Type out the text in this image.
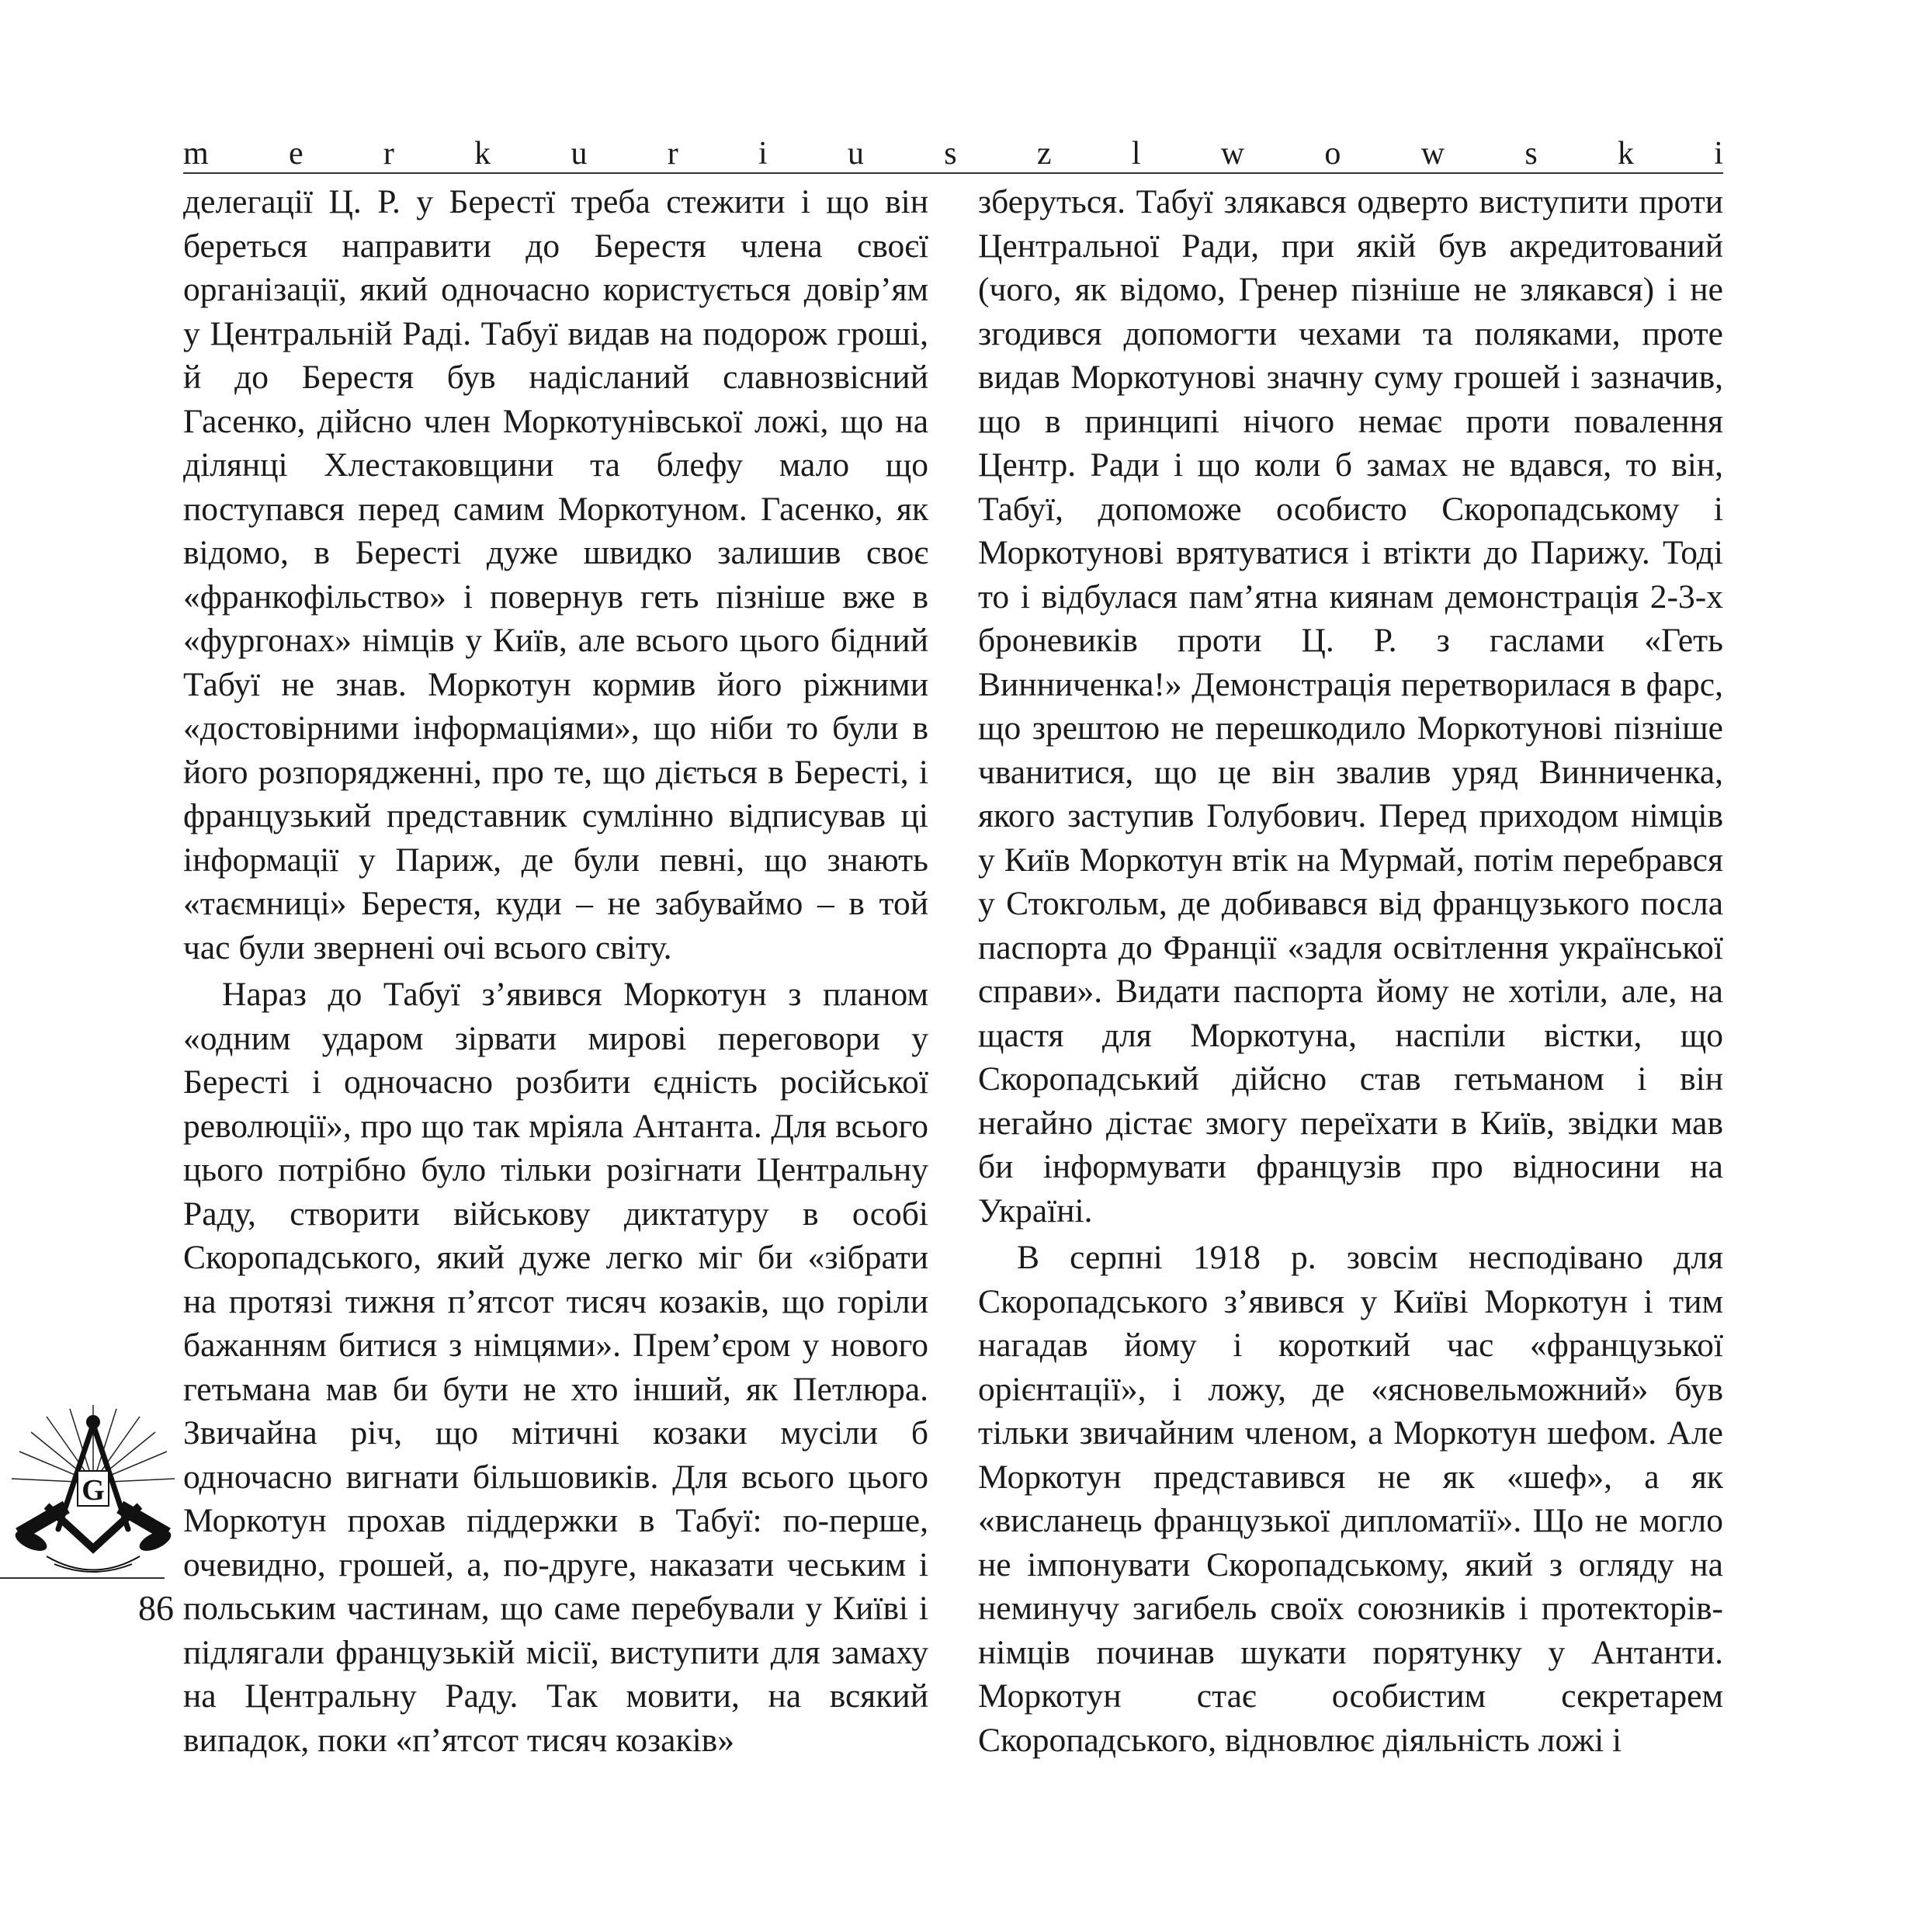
m e r k u r i u s z l w o w s k i

делегації Ц. Р. у Берестї треба стежити і що він береться направити до Берестя члена своєї організації, який одночасно користується довір’ям у Центральній Раді. Табуї видав на подорож гроші, й до Берестя був надісланий славнозвісний Гасенко, дійсно член Моркотунівської ложі, що на ділянці Хлестаковщини та блефу мало що поступався перед самим Моркотуном. Гасенко, як відомо, в Бересті дуже швидко залишив своє «франкофільство» і повернув геть пізніше вже в «фургонах» німців у Київ, але всього цього бідний Табуї не знав. Моркотун кормив його ріжними «достовірними інформаціями», що ніби то були в його розпорядженні, про те, що діється в Бересті, і французький представник сумлінно відписував ці інформації у Париж, де були певні, що знають «таємниці» Берестя, куди – не забуваймо – в той час були звернені очі всього світу.

Нараз до Табуї з’явився Моркотун з планом «одним ударом зірвати мирові переговори у Бересті і одночасно розбити єдність російської революції», про що так мріяла Антанта. Для всього цього потрібно було тільки розігнати Центральну Раду, створити військову диктатуру в особі Скоропадського, який дуже легко міг би «зібрати на протязі тижня п’ятсот тисяч козаків, що горіли бажанням битися з німцями». Прем’єром у нового гетьмана мав би бути не хто інший, як Петлюра. Звичайна річ, що мітичні козаки мусіли б одночасно вигнати більшовиків. Для всього цього Моркотун прохав піддержки в Табуї: по-перше, очевидно, грошей, а, по-друге, наказати чеським і польським частинам, що саме перебували у Київі і підлягали французькій місії, виступити для замаху на Центральну Раду. Так мовити, на всякий випадок, поки «п’ятсот тисяч козаків»

зберуться. Табуї злякався одверто виступити проти Центральної Ради, при якій був акредитований (чого, як відомо, Гренер пізніше не злякався) і не згодився допомогти чехами та поляками, проте видав Моркотунові значну суму грошей і зазначив, що в принципі нічого немає проти повалення Центр. Ради і що коли б замах не вдався, то він, Табуї, допоможе особисто Скоропадському і Моркотунові врятуватися і втікти до Парижу. Тоді то і відбулася пам’ятна киянам демонстрація 2-3-х броневиків проти Ц. Р. з гаслами «Геть Винниченка!» Демонстрація перетворилася в фарс, що зрештою не перешкодило Моркотунові пізніше чванитися, що це він звалив уряд Винниченка, якого заступив Голубович. Перед приходом німців у Київ Моркотун втік на Мурмай, потім перебрався у Стокгольм, де добивався від французького посла паспорта до Франції «задля освітлення української справи». Видати паспорта йому не хотіли, але, на щастя для Моркотуна, наспіли вістки, що Скоропадський дійсно став гетьманом і він негайно дістає змогу переїхати в Київ, звідки мав би інформувати французів про відносини на Україні.

В серпні 1918 р. зовсім несподівано для Скоропадського з’явився у Київі Моркотун і тим нагадав йому і короткий час «французької орієнтації», і ложу, де «ясновельможний» був тільки звичайним членом, а Моркотун шефом. Але Моркотун представився не як «шеф», а як «висланець французької дипломатії». Що не могло не імпонувати Скоропадському, який з огляду на неминучу загибель своїх союзників і протекторів-німців починав шукати порятунку у Антанти. Моркотун стає особистим секретарем Скоропадського, відновлює діяльність ложі і

G
86
